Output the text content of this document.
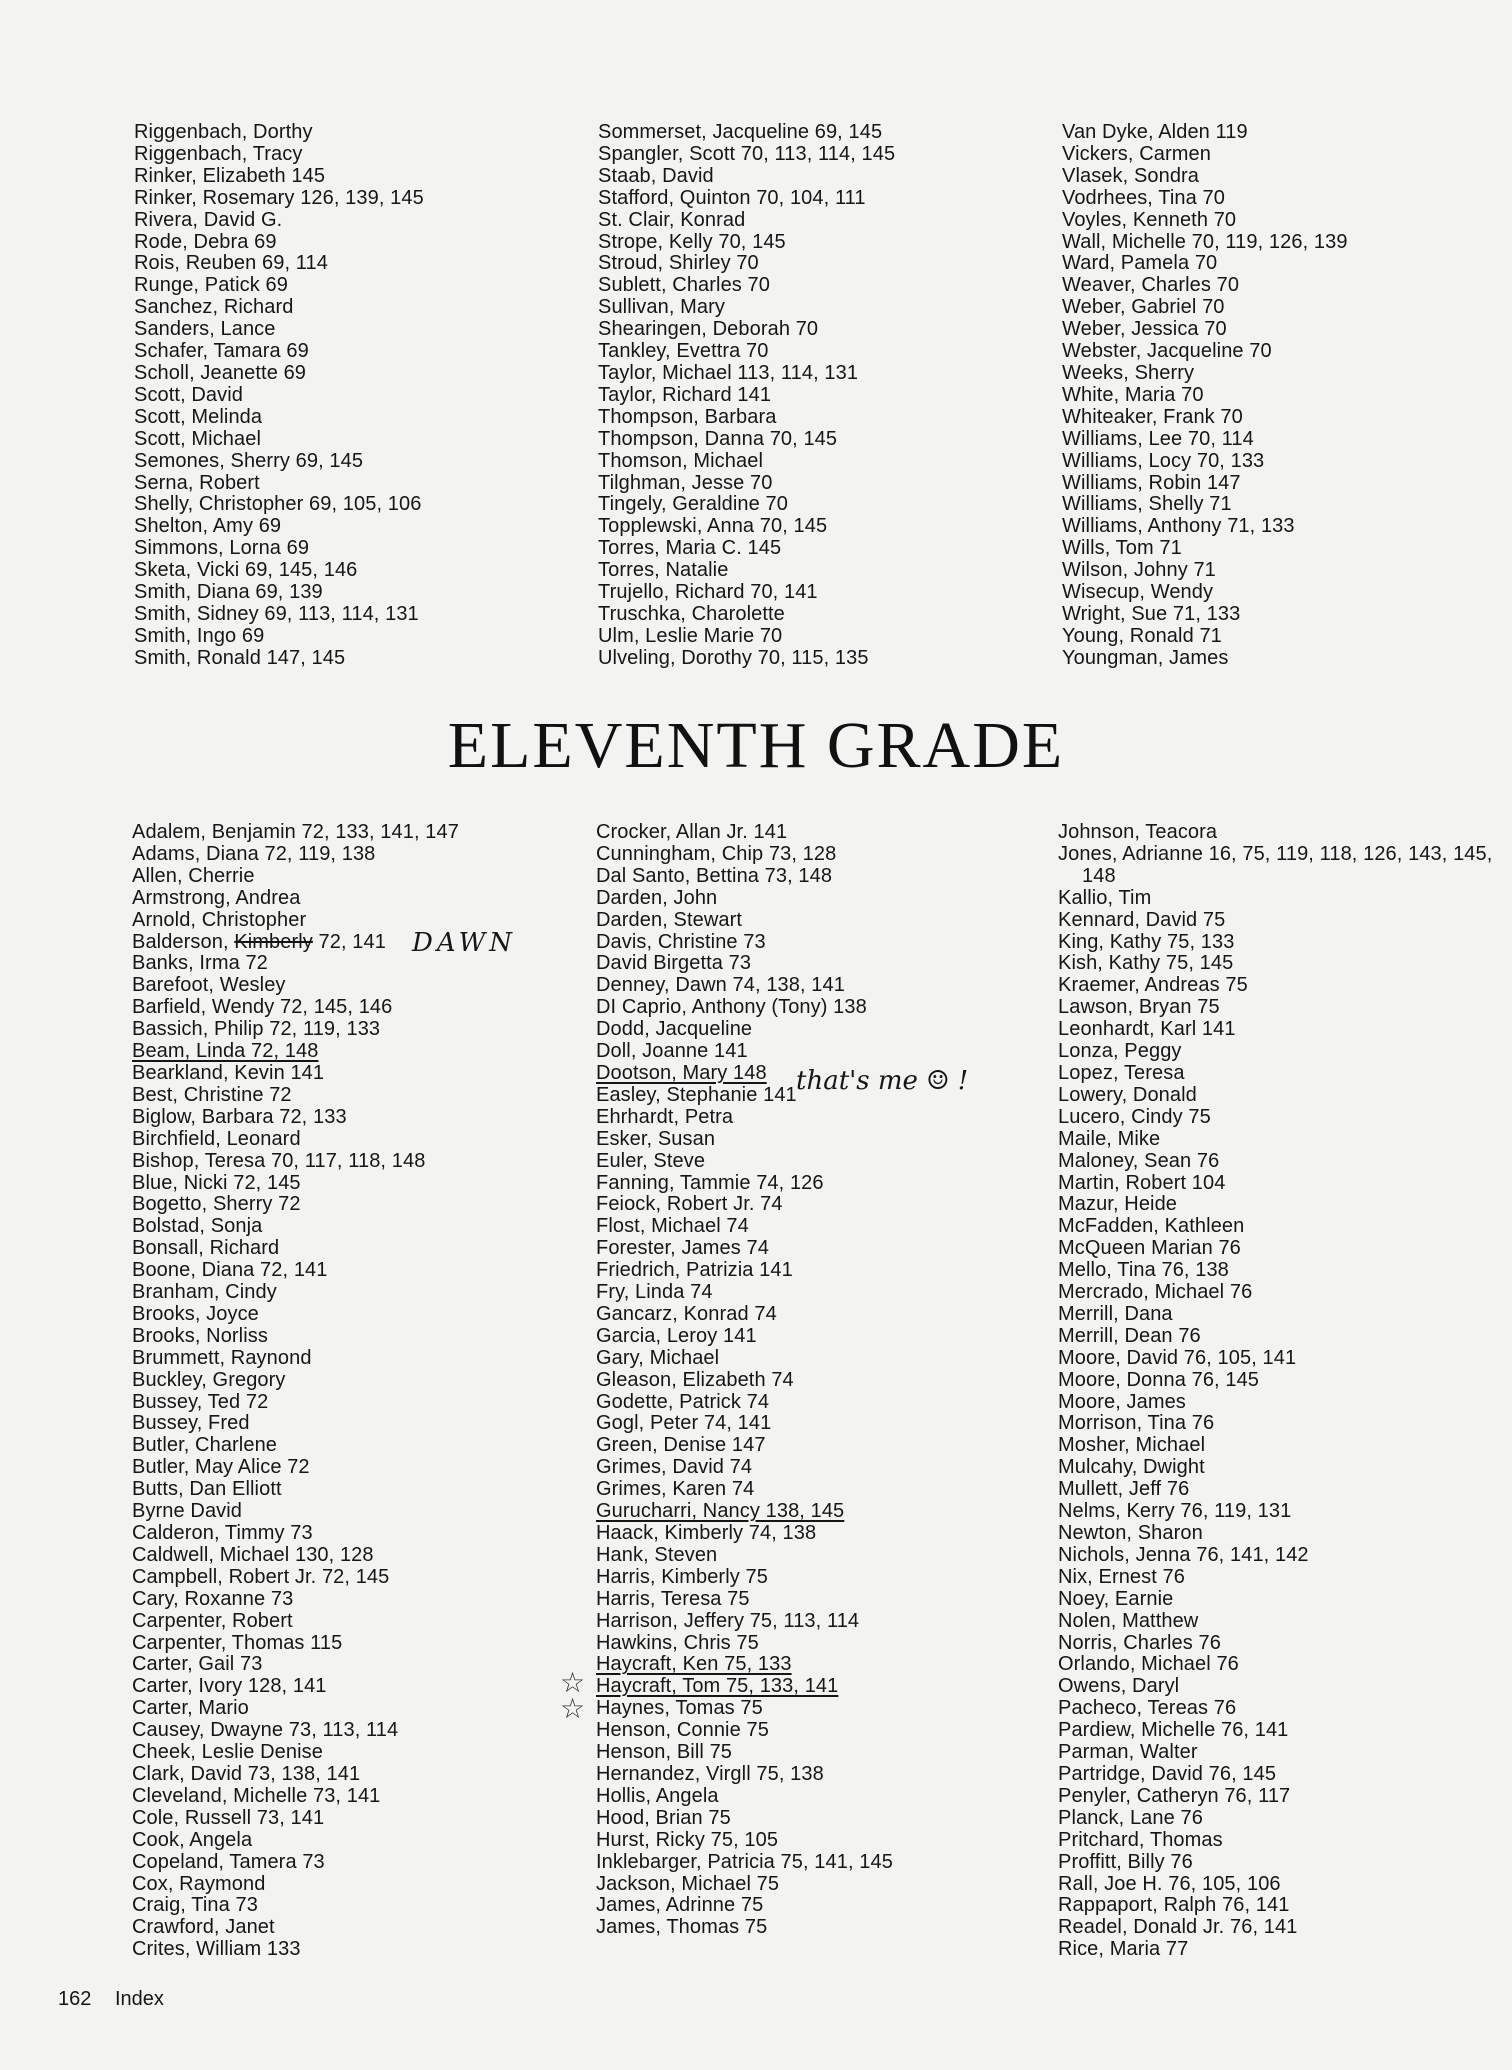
Riggenbach, Dorthy
Riggenbach, Tracy
Rinker, Elizabeth 145
Rinker, Rosemary 126, 139, 145
Rivera, David G.
Rode, Debra 69
Rois, Reuben 69, 114
Runge, Patick 69
Sanchez, Richard
Sanders, Lance
Schafer, Tamara 69
Scholl, Jeanette 69
Scott, David
Scott, Melinda
Scott, Michael
Semones, Sherry 69, 145
Serna, Robert
Shelly, Christopher 69, 105, 106
Shelton, Amy 69
Simmons, Lorna 69
Sketa, Vicki 69, 145, 146
Smith, Diana 69, 139
Smith, Sidney 69, 113, 114, 131
Smith, Ingo 69
Smith, Ronald 147, 145
Sommerset, Jacqueline 69, 145
Spangler, Scott 70, 113, 114, 145
Staab, David
Stafford, Quinton 70, 104, 111
St. Clair, Konrad
Strope, Kelly 70, 145
Stroud, Shirley 70
Sublett, Charles 70
Sullivan, Mary
Shearingen, Deborah 70
Tankley, Evettra 70
Taylor, Michael 113, 114, 131
Taylor, Richard 141
Thompson, Barbara
Thompson, Danna 70, 145
Thomson, Michael
Tilghman, Jesse 70
Tingely, Geraldine 70
Topplewski, Anna 70, 145
Torres, Maria C. 145
Torres, Natalie
Trujello, Richard 70, 141
Truschka, Charolette
Ulm, Leslie Marie 70
Ulveling, Dorothy 70, 115, 135
Van Dyke, Alden 119
Vickers, Carmen
Vlasek, Sondra
Vodrhees, Tina 70
Voyles, Kenneth 70
Wall, Michelle 70, 119, 126, 139
Ward, Pamela 70
Weaver, Charles 70
Weber, Gabriel 70
Weber, Jessica 70
Webster, Jacqueline 70
Weeks, Sherry
White, Maria 70
Whiteaker, Frank 70
Williams, Lee 70, 114
Williams, Locy 70, 133
Williams, Robin 147
Williams, Shelly 71
Williams, Anthony 71, 133
Wills, Tom 71
Wilson, Johny 71
Wisecup, Wendy
Wright, Sue 71, 133
Young, Ronald 71
Youngman, James
ELEVENTH GRADE
Adalem, Benjamin 72, 133, 141, 147
Adams, Diana 72, 119, 138
Allen, Cherrie
Armstrong, Andrea
Arnold, Christopher
Balderson, Kimberly 72, 141
Banks, Irma 72
Barefoot, Wesley
Barfield, Wendy 72, 145, 146
Bassich, Philip 72, 119, 133
Beam, Linda 72, 148
Bearkland, Kevin 141
Best, Christine 72
Biglow, Barbara 72, 133
Birchfield, Leonard
Bishop, Teresa 70, 117, 118, 148
Blue, Nicki 72, 145
Bogetto, Sherry 72
Bolstad, Sonja
Bonsall, Richard
Boone, Diana 72, 141
Branham, Cindy
Brooks, Joyce
Brooks, Norliss
Brummett, Raynond
Buckley, Gregory
Bussey, Ted 72
Bussey, Fred
Butler, Charlene
Butler, May Alice 72
Butts, Dan Elliott
Byrne David
Calderon, Timmy 73
Caldwell, Michael 130, 128
Campbell, Robert Jr. 72, 145
Cary, Roxanne 73
Carpenter, Robert
Carpenter, Thomas 115
Carter, Gail 73
Carter, Ivory 128, 141
Carter, Mario
Causey, Dwayne 73, 113, 114
Cheek, Leslie Denise
Clark, David 73, 138, 141
Cleveland, Michelle 73, 141
Cole, Russell 73, 141
Cook, Angela
Copeland, Tamera 73
Cox, Raymond
Craig, Tina 73
Crawford, Janet
Crites, William 133
Crocker, Allan Jr. 141
Cunningham, Chip 73, 128
Dal Santo, Bettina 73, 148
Darden, John
Darden, Stewart
Davis, Christine 73
David Birgetta 73
Denney, Dawn 74, 138, 141
DI Caprio, Anthony (Tony) 138
Dodd, Jacqueline
Doll, Joanne 141
Dootson, Mary 148
Easley, Stephanie 141
Ehrhardt, Petra
Esker, Susan
Euler, Steve
Fanning, Tammie 74, 126
Feiock, Robert Jr. 74
Flost, Michael 74
Forester, James 74
Friedrich, Patrizia 141
Fry, Linda 74
Gancarz, Konrad 74
Garcia, Leroy 141
Gary, Michael
Gleason, Elizabeth 74
Godette, Patrick 74
Gogl, Peter 74, 141
Green, Denise 147
Grimes, David 74
Grimes, Karen 74
Gurucharri, Nancy 138, 145
Haack, Kimberly 74, 138
Hank, Steven
Harris, Kimberly 75
Harris, Teresa 75
Harrison, Jeffery 75, 113, 114
Hawkins, Chris 75
Haycraft, Ken 75, 133
Haycraft, Tom 75, 133, 141
Haynes, Tomas 75
Henson, Connie 75
Henson, Bill 75
Hernandez, Virgll 75, 138
Hollis, Angela
Hood, Brian 75
Hurst, Ricky 75, 105
Inklebarger, Patricia 75, 141, 145
Jackson, Michael 75
James, Adrinne 75
James, Thomas 75
Johnson, Teacora
Jones, Adrianne 16, 75, 119, 118, 126, 143, 145, 148
Kallio, Tim
Kennard, David 75
King, Kathy 75, 133
Kish, Kathy 75, 145
Kraemer, Andreas 75
Lawson, Bryan 75
Leonhardt, Karl 141
Lonza, Peggy
Lopez, Teresa
Lowery, Donald
Lucero, Cindy 75
Maile, Mike
Maloney, Sean 76
Martin, Robert 104
Mazur, Heide
McFadden, Kathleen
McQueen Marian 76
Mello, Tina 76, 138
Mercrado, Michael 76
Merrill, Dana
Merrill, Dean 76
Moore, David 76, 105, 141
Moore, Donna 76, 145
Moore, James
Morrison, Tina 76
Mosher, Michael
Mulcahy, Dwight
Mullett, Jeff 76
Nelms, Kerry 76, 119, 131
Newton, Sharon
Nichols, Jenna 76, 141, 142
Nix, Ernest 76
Noey, Earnie
Nolen, Matthew
Norris, Charles 76
Orlando, Michael 76
Owens, Daryl
Pacheco, Tereas 76
Pardiew, Michelle 76, 141
Parman, Walter
Partridge, David 76, 145
Penyler, Catheryn 76, 117
Planck, Lane 76
Pritchard, Thomas
Proffitt, Billy 76
Rall, Joe H. 76, 105, 106
Rappaport, Ralph 76, 141
Readel, Donald Jr. 76, 141
Rice, Maria 77
DAWN
that's me ☺ !
☆
☆
162 Index
